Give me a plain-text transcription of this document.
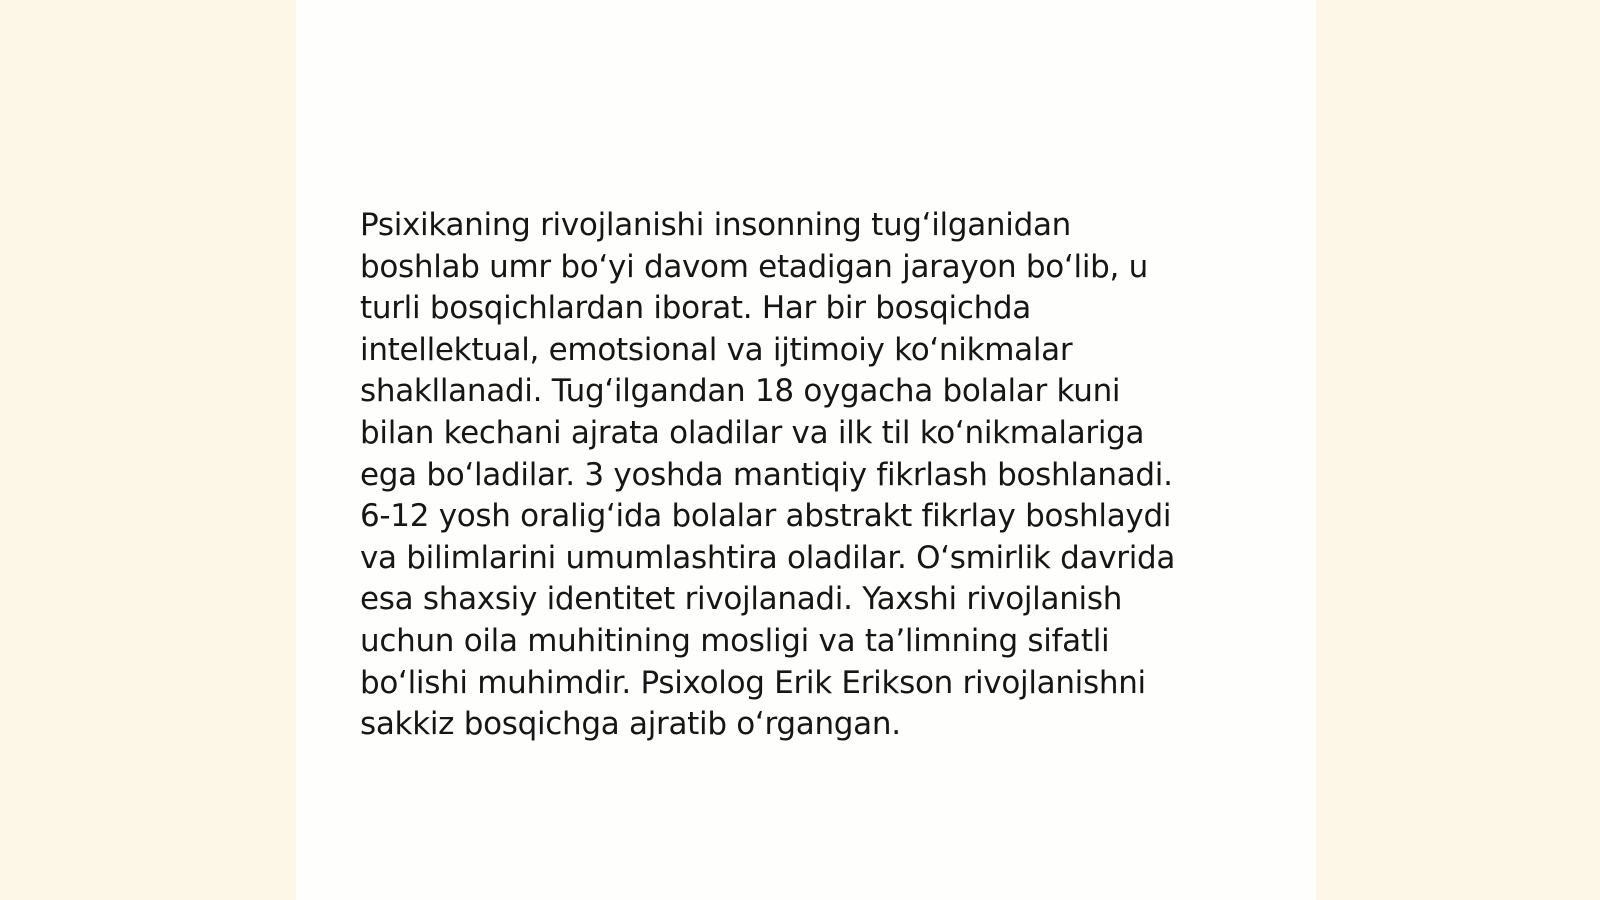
Psixikaning rivojlanishi insonning tug‘ilganidan
boshlab umr bo‘yi davom etadigan jarayon bo‘lib, u
turli bosqichlardan iborat. Har bir bosqichda
intellektual, emotsional va ijtimoiy ko‘nikmalar
shakllanadi. Tug‘ilgandan 18 oygacha bolalar kuni
bilan kechani ajrata oladilar va ilk til ko‘nikmalariga
ega bo‘ladilar. 3 yoshda mantiqiy fikrlash boshlanadi.
6-12 yosh oralig‘ida bolalar abstrakt fikrlay boshlaydi
va bilimlarini umumlashtira oladilar. O‘smirlik davrida
esa shaxsiy identitet rivojlanadi. Yaxshi rivojlanish
uchun oila muhitining mosligi va ta’limning sifatli
bo‘lishi muhimdir. Psixolog Erik Erikson rivojlanishni
sakkiz bosqichga ajratib o‘rgangan.
